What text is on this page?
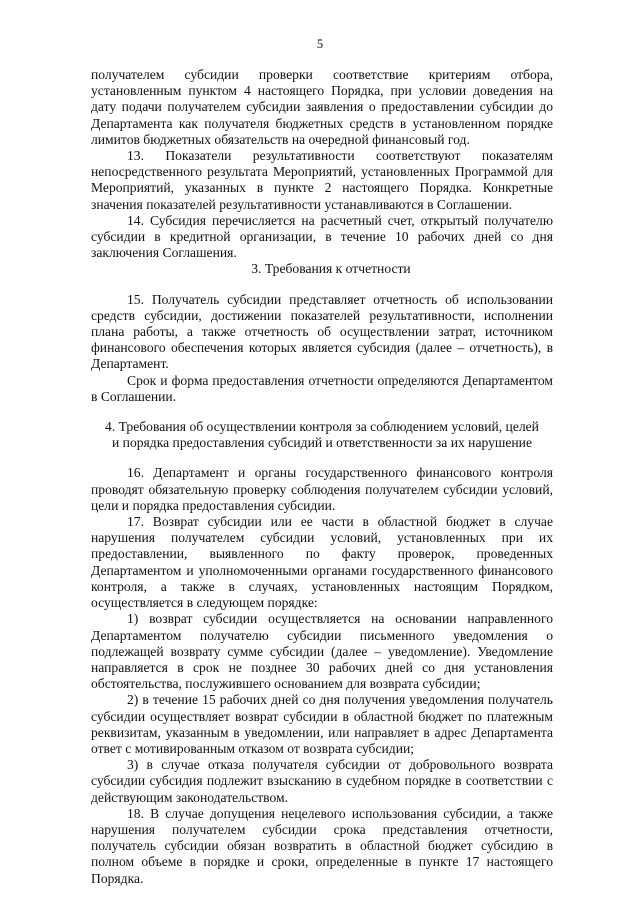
5

получателем субсидии проверки соответствие критериям отбора, установленным пунктом 4 настоящего Порядка, при условии доведения на дату подачи получателем субсидии заявления о предоставлении субсидии до Департамента как получателя бюджетных средств в установленном порядке лимитов бюджетных обязательств на очередной финансовый год.

13. Показатели результативности соответствуют показателям непосредственного результата Мероприятий, установленных Программой для Мероприятий, указанных в пункте 2 настоящего Порядка. Конкретные значения показателей результативности устанавливаются в Соглашении.

14. Субсидия перечисляется на расчетный счет, открытый получателю субсидии в кредитной организации, в течение 10 рабочих дней со дня заключения Соглашения.

3. Требования к отчетности

15. Получатель субсидии представляет отчетность об использовании средств субсидии, достижении показателей результативности, исполнении плана работы, а также отчетность об осуществлении затрат, источником финансового обеспечения которых является субсидия (далее – отчетность), в Департамент.

Срок и форма предоставления отчетности определяются Департаментом в Соглашении.

4. Требования об осуществлении контроля за соблюдением условий, целей
и порядка предоставления субсидий и ответственности за их нарушение

16. Департамент и органы государственного финансового контроля проводят обязательную проверку соблюдения получателем субсидии условий, цели и порядка предоставления субсидии.

17. Возврат субсидии или ее части в областной бюджет в случае нарушения получателем субсидии условий, установленных при их предоставлении, выявленного по факту проверок, проведенных Департаментом и уполномоченными органами государственного финансового контроля, а также в случаях, установленных настоящим Порядком, осуществляется в следующем порядке:

1) возврат субсидии осуществляется на основании направленного Департаментом получателю субсидии письменного уведомления о подлежащей возврату сумме субсидии (далее – уведомление). Уведомление направляется в срок не позднее 30 рабочих дней со дня установления обстоятельства, послужившего основанием для возврата субсидии;

2) в течение 15 рабочих дней со дня получения уведомления получатель субсидии осуществляет возврат субсидии в областной бюджет по платежным реквизитам, указанным в уведомлении, или направляет в адрес Департамента ответ с мотивированным отказом от возврата субсидии;

3) в случае отказа получателя субсидии от добровольного возврата субсидии субсидия подлежит взысканию в судебном порядке в соответствии с действующим законодательством.

18. В случае допущения нецелевого использования субсидии, а также нарушения получателем субсидии срока представления отчетности, получатель субсидии обязан возвратить в областной бюджет субсидию в полном объеме в порядке и сроки, определенные в пункте 17 настоящего Порядка.
